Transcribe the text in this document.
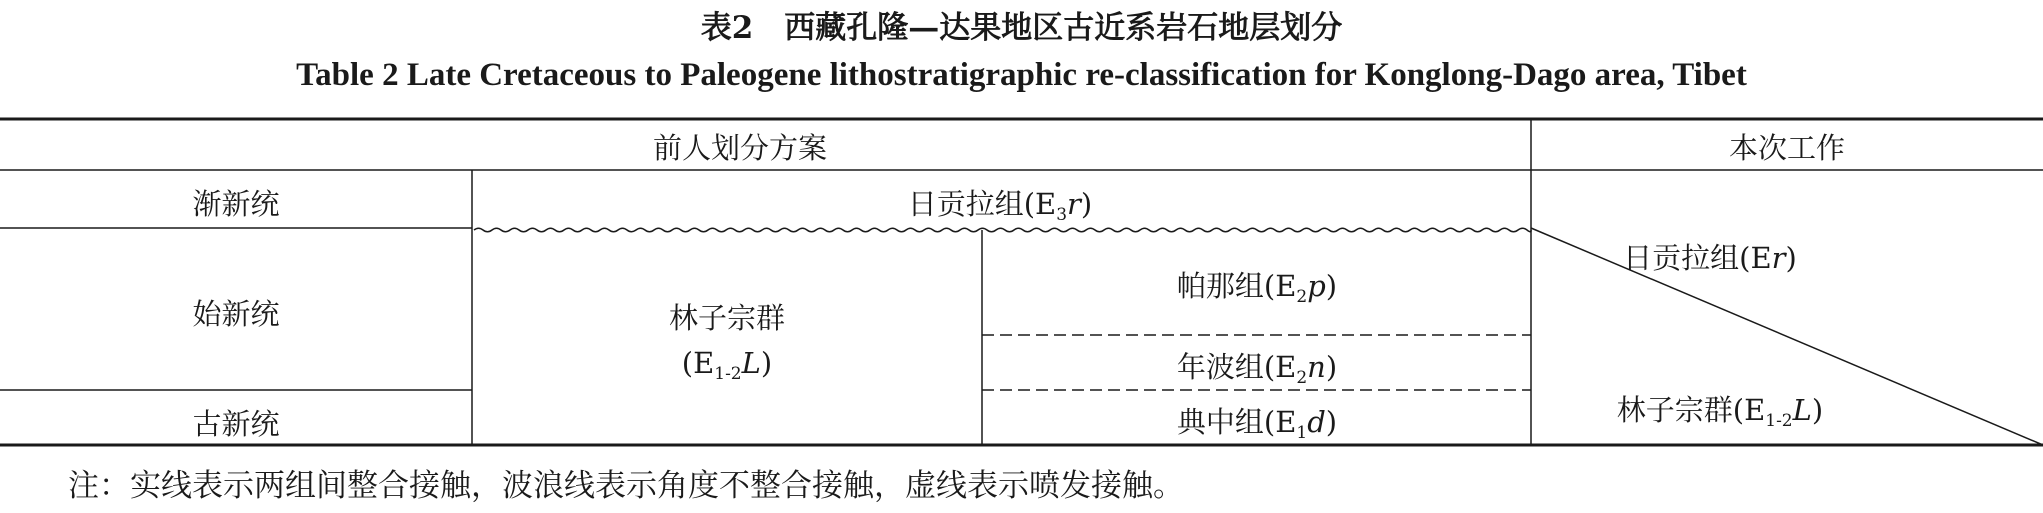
表2　西藏孔隆—达果地区古近系岩石地层划分
Table 2 Late Cretaceous to Paleogene lithostratigraphic re-classification for Konglong-Dago area, Tibet
前人划分方案	本次工作
渐新统
始新统
古新统
日贡拉组$(E_3r)$
林子宗群
$(E_{1-2}L)$
帕那组$(E_2p)$
年波组$(E_2n)$
典中组$(E_1d)$
日贡拉组(Er)
林子宗群$(E_{1-2}L)$
注：实线表示两组间整合接触，波浪线表示角度不整合接触，虚线表示喷发接触。
